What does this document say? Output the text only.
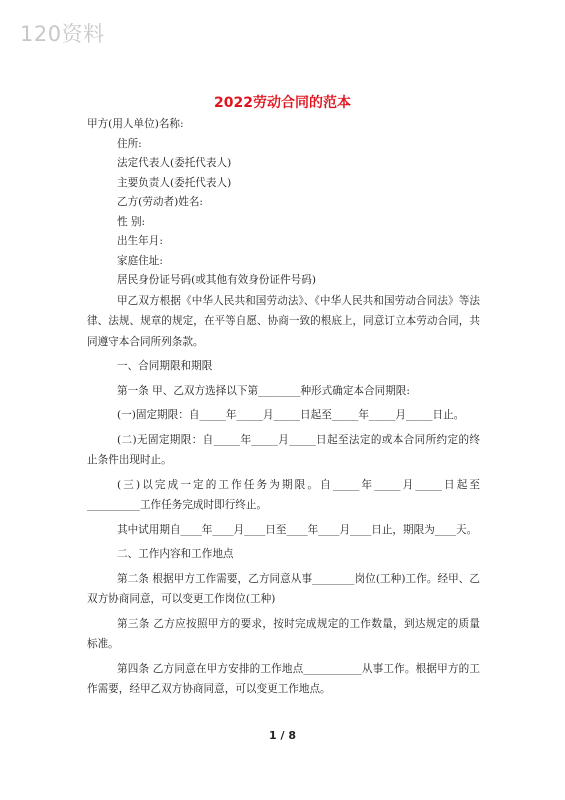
120资料
2022劳动合同的范本
甲方(用人单位)名称:
住所:
法定代表人(委托代表人)
主要负责人(委托代表人)
乙方(劳动者)姓名:
性 别:
出生年月:
家庭住址:
居民身份证号码(或其他有效身份证件号码)

甲乙双方根据《中华人民共和国劳动法》、《中华人民共和国劳动合同法》等法律、法规、规章的规定，在平等自愿、协商一致的根底上，同意订立本劳动合同，共同遵守本合同所列条款。

一、合同期限和期限

第一条 甲、乙双方选择以下第________种形式确定本合同期限:

(一)固定期限：自_____年_____月_____日起至_____年_____月_____日止。

(二)无固定期限：自_____年_____月_____日起至法定的或本合同所约定的终止条件出现时止。

(三)以完成一定的工作任务为期限。自_____年_____月_____日起至__________工作任务完成时即行终止。

其中试用期自____年____月____日至____年____月____日止，期限为____天。

二、工作内容和工作地点

第二条 根据甲方工作需要，乙方同意从事________岗位(工种)工作。经甲、乙双方协商同意，可以变更工作岗位(工种)

第三条 乙方应按照甲方的要求，按时完成规定的工作数量，到达规定的质量标准。

第四条 乙方同意在甲方安排的工作地点___________从事工作。根据甲方的工作需要，经甲乙双方协商同意，可以变更工作地点。

1 / 8
